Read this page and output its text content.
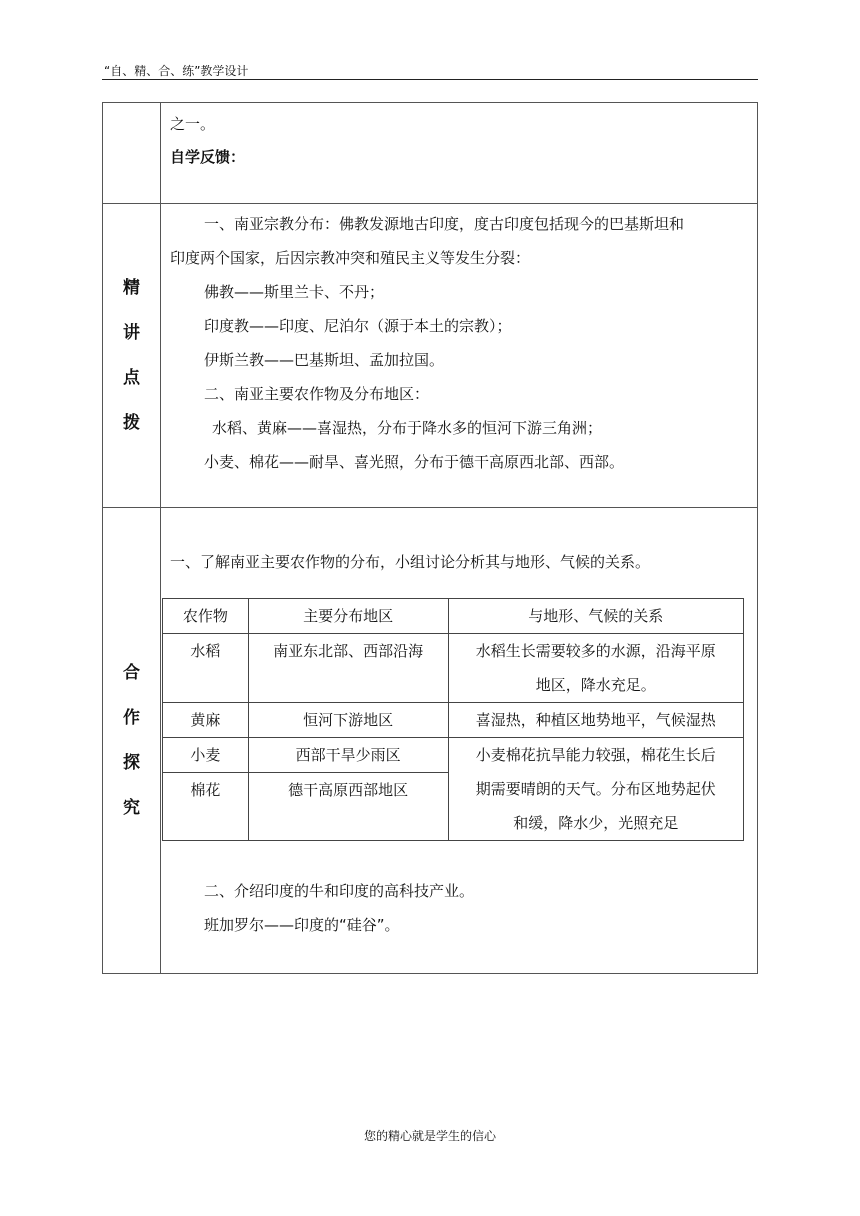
“自、精、合、练”教学设计
之一。
自学反馈：
精
讲
点
拨
一、南亚宗教分布：佛教发源地古印度，度古印度包括现今的巴基斯坦和
印度两个国家，后因宗教冲突和殖民主义等发生分裂：
佛教——斯里兰卡、不丹；
印度教——印度、尼泊尔（源于本土的宗教）；
伊斯兰教——巴基斯坦、孟加拉国。
二、南亚主要农作物及分布地区：
水稻、黄麻——喜湿热，分布于降水多的恒河下游三角洲；
小麦、棉花——耐旱、喜光照，分布于德干高原西北部、西部。
合
作
探
究
一、了解南亚主要农作物的分布，小组讨论分析其与地形、气候的关系。
农作物	主要分布地区	与地形、气候的关系
水稻	南亚东北部、西部沿海	水稻生长需要较多的水源，沿海平原
地区，降水充足。

黄麻	恒河下游地区	喜湿热，种植区地势地平，气候湿热

小麦	西部干旱少雨区	小麦棉花抗旱能力较强，棉花生长后
期需要晴朗的天气。分布区地势起伏
和缓，降水少，光照充足

棉花	德干高原西部地区	
二、介绍印度的牛和印度的高科技产业。
班加罗尔——印度的“硅谷”。
您的精心就是学生的信心
